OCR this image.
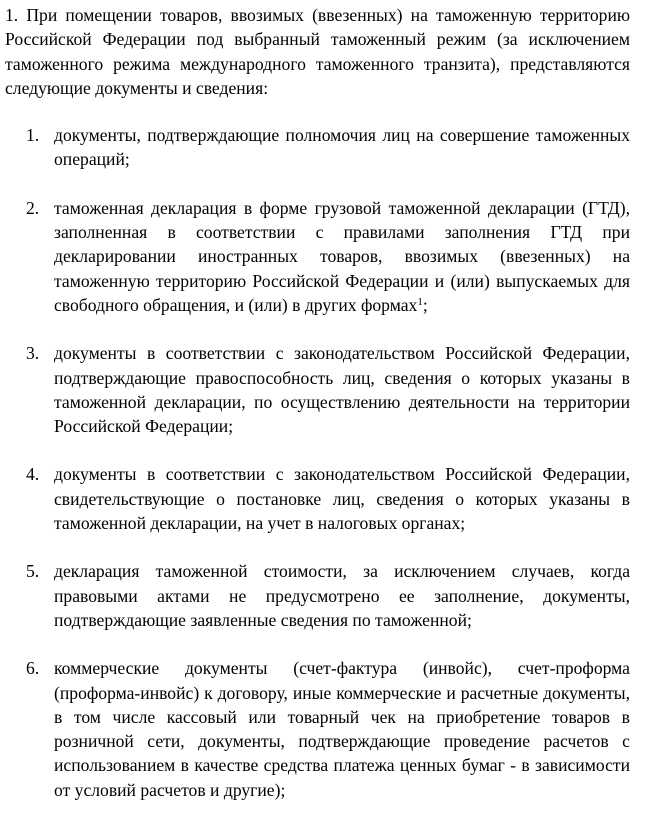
1. При помещении товаров, ввозимых (ввезенных) на таможенную территорию Российской Федерации под выбранный таможенный режим (за исключением таможенного режима международного таможенного транзита), представляются следующие документы и сведения:

1. документы, подтверждающие полномочия лиц на совершение таможенных операций;
2. таможенная декларация в форме грузовой таможенной декларации (ГТД), заполненная в соответствии с правилами заполнения ГТД при декларировании иностранных товаров, ввозимых (ввезенных) на таможенную территорию Российской Федерации и (или) выпускаемых для свободного обращения, и (или) в других формах$^1$;
3. документы в соответствии с законодательством Российской Федерации, подтверждающие правоспособность лиц, сведения о которых указаны в таможенной декларации, по осуществлению деятельности на территории Российской Федерации;
4. документы в соответствии с законодательством Российской Федерации, свидетельствующие о постановке лиц, сведения о которых указаны в таможенной декларации, на учет в налоговых органах;
5. декларация таможенной стоимости, за исключением случаев, когда правовыми актами не предусмотрено ее заполнение, документы, подтверждающие заявленные сведения по таможенной;
6. коммерческие документы (счет-фактура (инвойс), счет-проформа (проформа-инвойс) к договору, иные коммерческие и расчетные документы, в том числе кассовый или товарный чек на приобретение товаров в розничной сети, документы, подтверждающие проведение расчетов с использованием в качестве средства платежа ценных бумаг - в зависимости от условий расчетов и другие);
